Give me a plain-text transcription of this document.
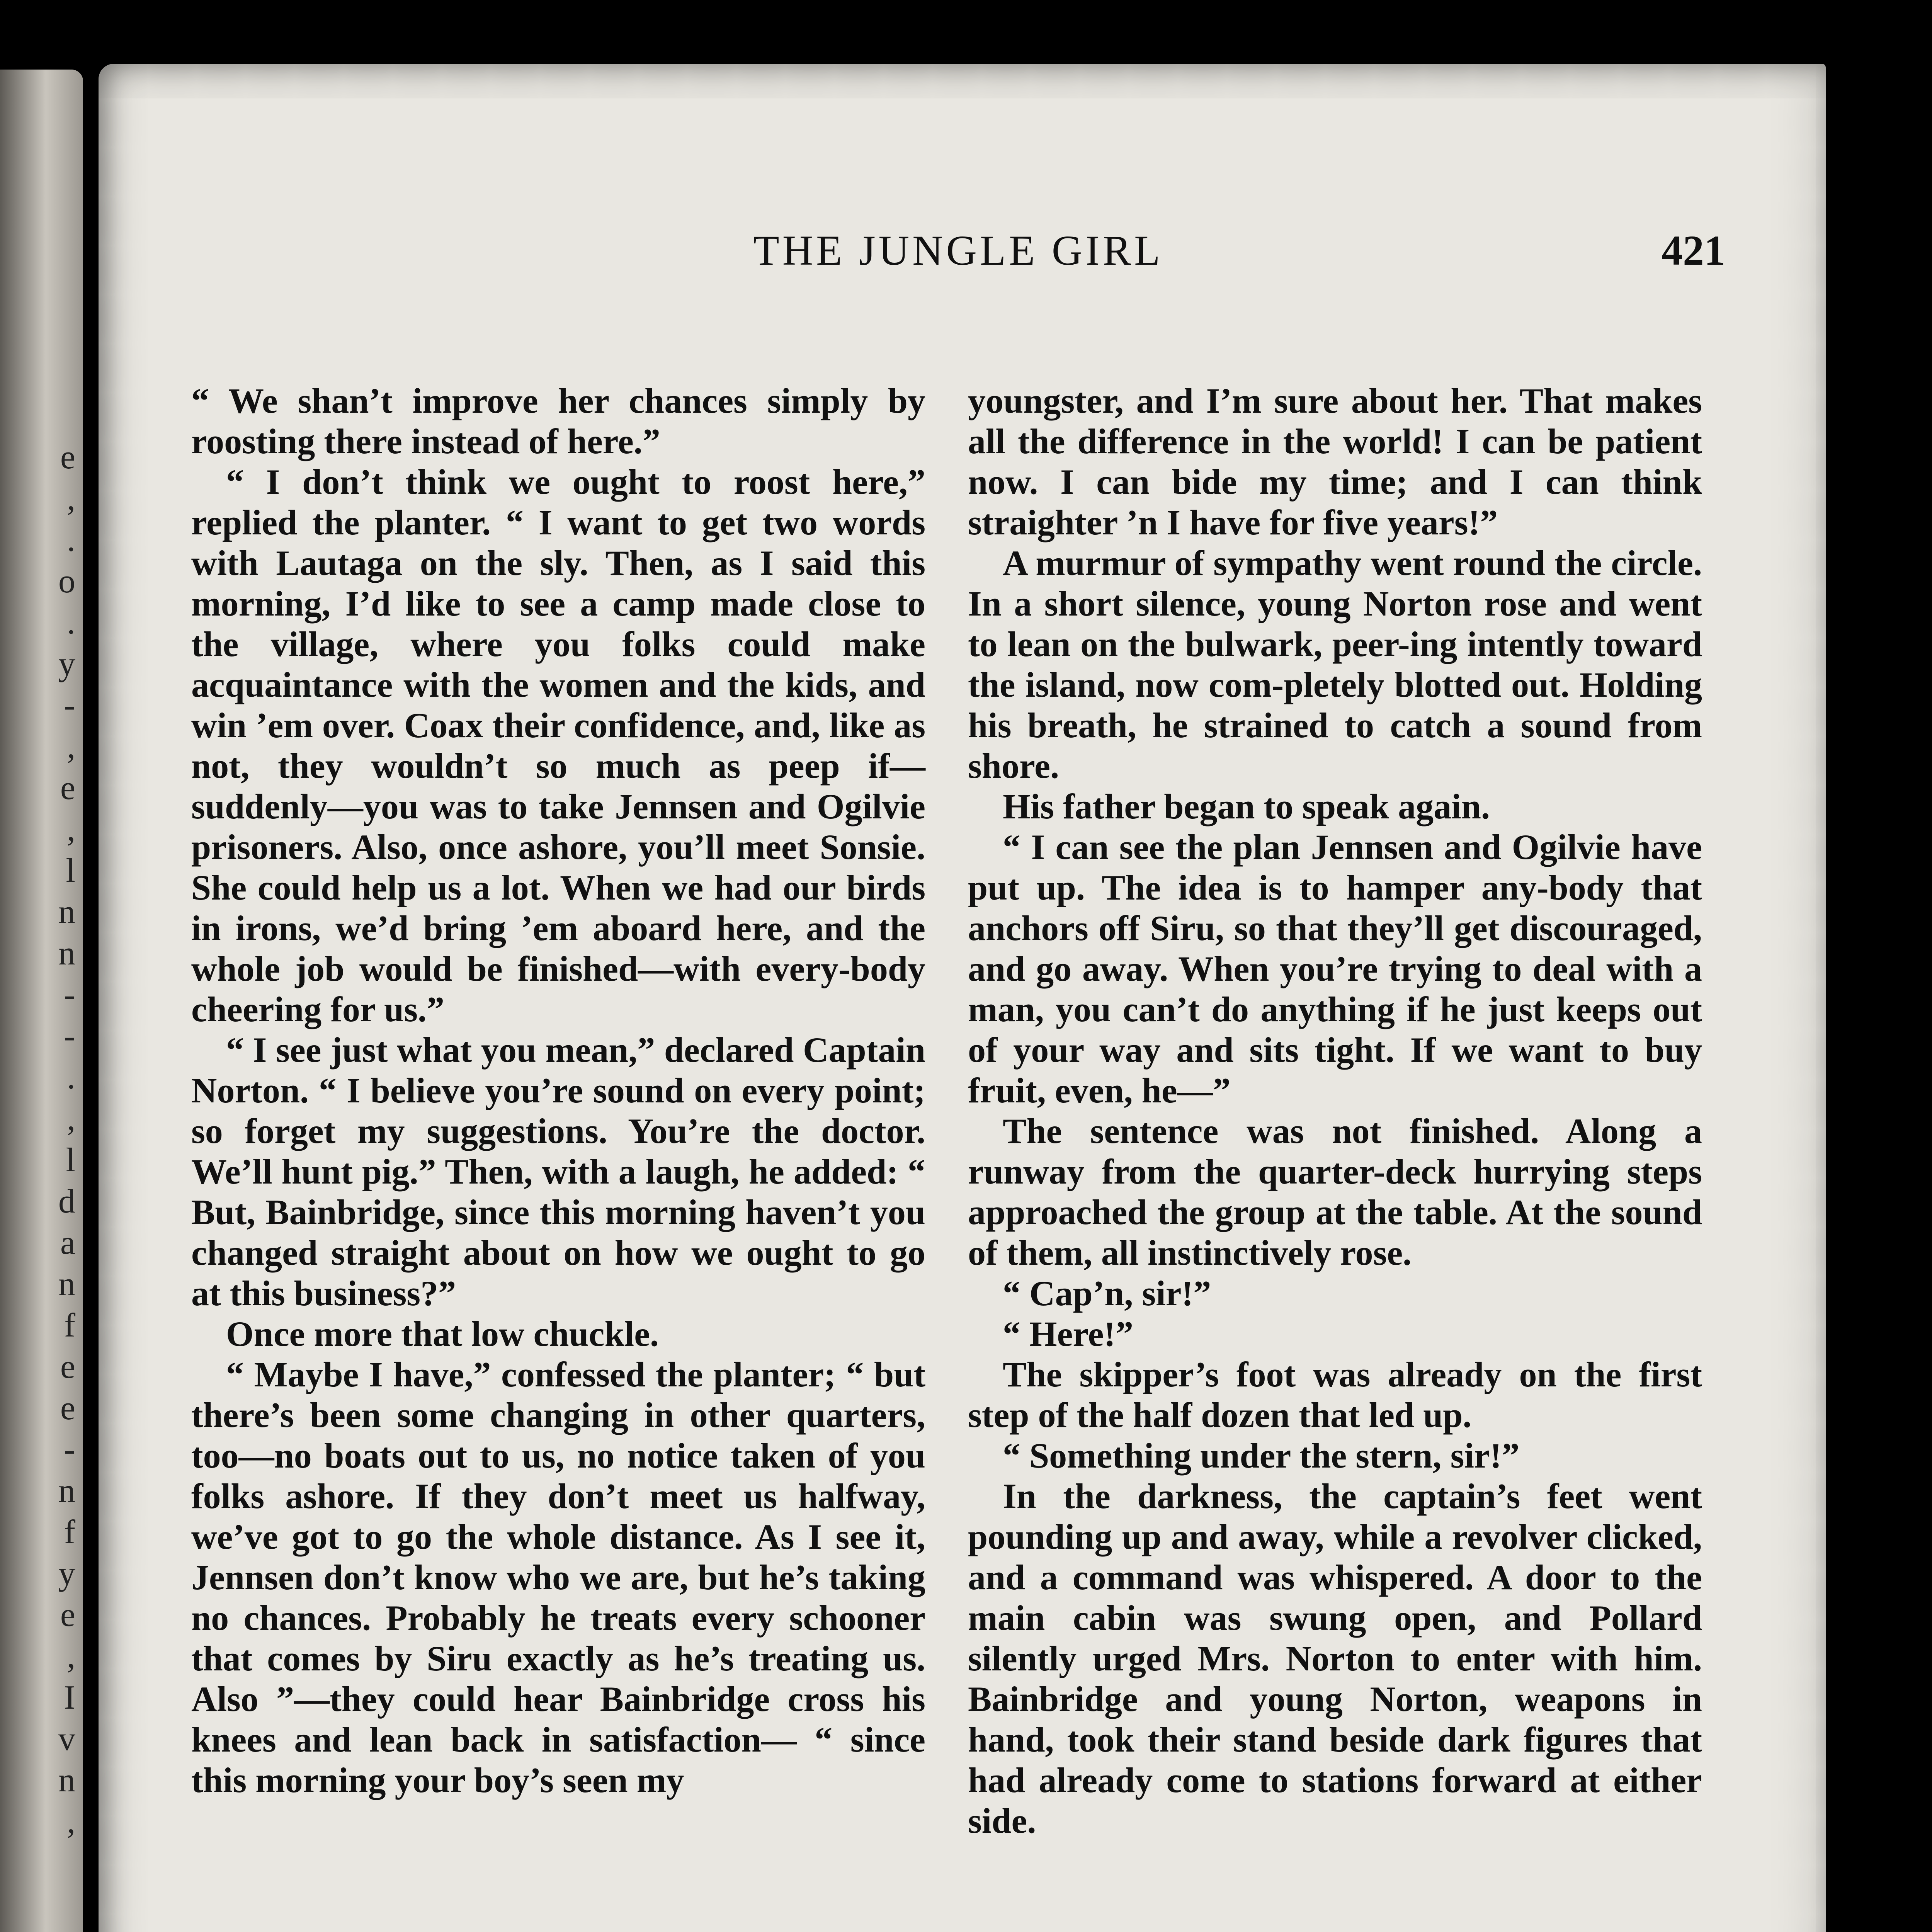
e
,
.
o
.
y
-
,
e
,
l
n
n
-
-
.
,
l
d
a
n
f
e
e
-
n
f
y
e
,
I
v
n
,
THE JUNGLE GIRL	421

“ We shan’t improve her chances simply by roosting there instead of here.”

“ I don’t think we ought to roost here,” replied the planter. “ I want to get two words with Lautaga on the sly. Then, as I said this morning, I’d like to see a camp made close to the village, where you folks could make acquaintance with the women and the kids, and win ’em over. Coax their confidence, and, like as not, they wouldn’t so much as peep if—suddenly—you was to take Jennsen and Ogilvie prisoners. Also, once ashore, you’ll meet Sonsie. She could help us a lot. When we had our birds in irons, we’d bring ’em aboard here, and the whole job would be finished—with every-body cheering for us.”

“ I see just what you mean,” declared Captain Norton. “ I believe you’re sound on every point; so forget my suggestions. You’re the doctor. We’ll hunt pig.” Then, with a laugh, he added: “ But, Bainbridge, since this morning haven’t you changed straight about on how we ought to go at this business?”

Once more that low chuckle.

“ Maybe I have,” confessed the planter; “ but there’s been some changing in other quarters, too—no boats out to us, no notice taken of you folks ashore. If they don’t meet us halfway, we’ve got to go the whole distance. As I see it, Jennsen don’t know who we are, but he’s taking no chances. Probably he treats every schooner that comes by Siru exactly as he’s treating us. Also ”—they could hear Bainbridge cross his knees and lean back in satisfaction— “ since this morning your boy’s seen my

youngster, and I’m sure about her. That makes all the difference in the world! I can be patient now. I can bide my time; and I can think straighter ’n I have for five years!”

A murmur of sympathy went round the circle. In a short silence, young Norton rose and went to lean on the bulwark, peer-ing intently toward the island, now com-pletely blotted out. Holding his breath, he strained to catch a sound from shore.

His father began to speak again.

“ I can see the plan Jennsen and Ogilvie have put up. The idea is to hamper any-body that anchors off Siru, so that they’ll get discouraged, and go away. When you’re trying to deal with a man, you can’t do anything if he just keeps out of your way and sits tight. If we want to buy fruit, even, he—”

The sentence was not finished. Along a runway from the quarter-deck hurrying steps approached the group at the table. At the sound of them, all instinctively rose.

“ Cap’n, sir!”

“ Here!”

The skipper’s foot was already on the first step of the half dozen that led up.

“ Something under the stern, sir!”

In the darkness, the captain’s feet went pounding up and away, while a revolver clicked, and a command was whispered. A door to the main cabin was swung open, and Pollard silently urged Mrs. Norton to enter with him. Bainbridge and young Norton, weapons in hand, took their stand beside dark figures that had already come to stations forward at either side.
